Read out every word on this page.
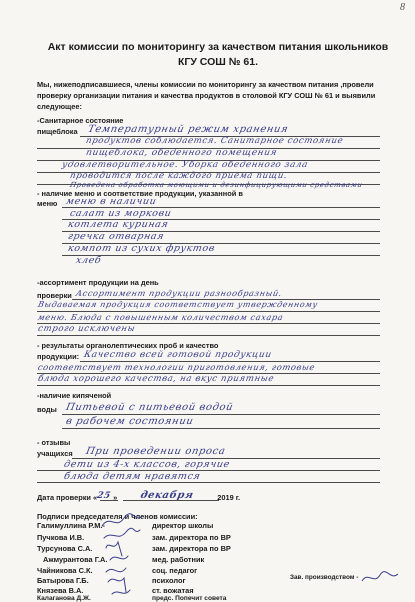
8
Акт комиссии по мониторингу за качеством питания школьников КГУ СОШ № 61.
Мы, нижеподписавшиеся, члены комиссии по мониторингу за качеством питания ,провели проверку организации питания и качества продуктов в столовой КГУ СОШ № 61 и выявили следующее:
-Санитарное состояние
пищеблока Температурный режим хранения
продуктов соблюдается. Санитарное состояние
пищеблока, обеденного помещения
удовлетворительное. Уборка обеденного зала
проводится после каждого приема пищи.
Проведена обработка моющими и дезинфицирующими средствами
- наличие меню и соответствие продукции, указанной в
меню меню в наличии
салат из моркови
котлета куриная
гречка отварная
компот из сухих фруктов
хлеб
-ассортимент продукции на день
проверки Ассортимент продукции разнообразный.
Выдаваемая продукция соответствует утвержденному
меню. Блюда с повышенным количеством сахара
строго исключены
- результаты органолептических проб и качество
продукции: Качество всей готовой продукции
соответствует технологии приготовления, готовые
блюда хорошего качества, на вкус приятные
-наличие кипяченой
воды Питьевой с питьевой водой
в рабочем состоянии
- отзывы
учащихся При проведении опроса
дети из 4-х классов, горячие
блюда детям нравятся
Дата проверки «25» декабря	2019 г.
Подписи председателя и членов комиссии:
Галимуллина Р.М.-	директор школы
Пучкова И.В.	зам. директора по ВР
Турсунова С.А.	зам. директора по ВР
Ажмурантова Г.А.	мед. работник
Чайникова С.К.	соц. педагог
Батырова Г.Б.	психолог
Князева В.А.	ст. вожатая
Калаганова Д.Ж.	предс. Попечит совета
Зав. производством -
